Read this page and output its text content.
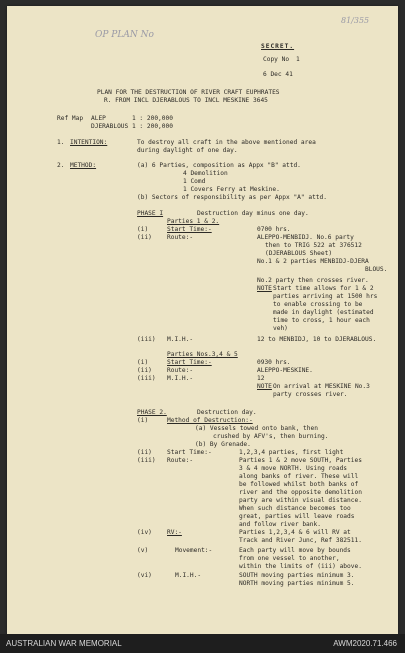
OP PLAN No
81/355
SECRET.
Copy No 1
6 Dec 41
PLAN FOR THE DESTRUCTION OF RIVER CRAFT EUPHRATES
R. FROM INCL DJERABLOUS TO INCL MESKINE 3645
Ref Map ALEP       1 : 200,000
DJERABLOUS 1 : 200,000
1. INTENTION:	To destroy all craft in the above mentioned area
during daylight of one day.
2. METHOD:	(a) 6 Parties, composition as Appx "B" attd.
4 Demolition
1 Comd
1 Covers Ferry at Meskine.
(b) Sectors of responsibility as per Appx "A" attd.
PHASE I	Destruction day minus one day.
Parties 1 & 2.
(i)	Start Time:-	0700 hrs.
(ii) Route:-	ALEPPO-MENBIDJ. No.6 party
then to TRIG 522 at 376512
(DJERABLOUS Sheet)
No.1 & 2 parties MENBIDJ-DJERA
BLOUS.
No.2 party then crosses river.
NOTE Start time allows for 1 & 2
parties arriving at 1500 hrs
to enable crossing to be
made in daylight (estimated
time to cross, 1 hour each
veh)
(iii) M.I.H.-	12 to MENBIDJ, 10 to DJERABLOUS.
Parties Nos.3,4 & 5
(i)	Start Time:-	0930 hrs.
(ii) Route:-	ALEPPO-MESKINE.
(iii) M.I.H.-	12
NOTE On arrival at MESKINE No.3
party crosses river.
PHASE 2.	Destruction day.
(i)	Method of Destruction:-
(a) Vessels towed onto bank, then
crushed by AFV's, then burning.
(b) By Grenade.
(ii) Start Time:-	1,2,3,4 parties, first light
(iii) Route:-	Parties 1 & 2 move SOUTH, Parties
3 & 4 move NORTH. Using roads
along banks of river. These will
be followed whilst both banks of
river and the opposite demolition
party are within visual distance.
When such distance becomes too
great, parties will leave roads
and follow river bank.
(iv) RV:-	Parties 1,2,3,4 & 6 will RV at
Track and River Junc, Ref 382511.
(v)	Movement:-	Each party will move by bounds
from one vessel to another,
within the limits of (iii) above.
(vi)	M.I.H.-	SOUTH moving parties minimum 3.
NORTH moving parties minimum 5.
AUSTRALIAN WAR MEMORIAL	AWM2020.71.466
